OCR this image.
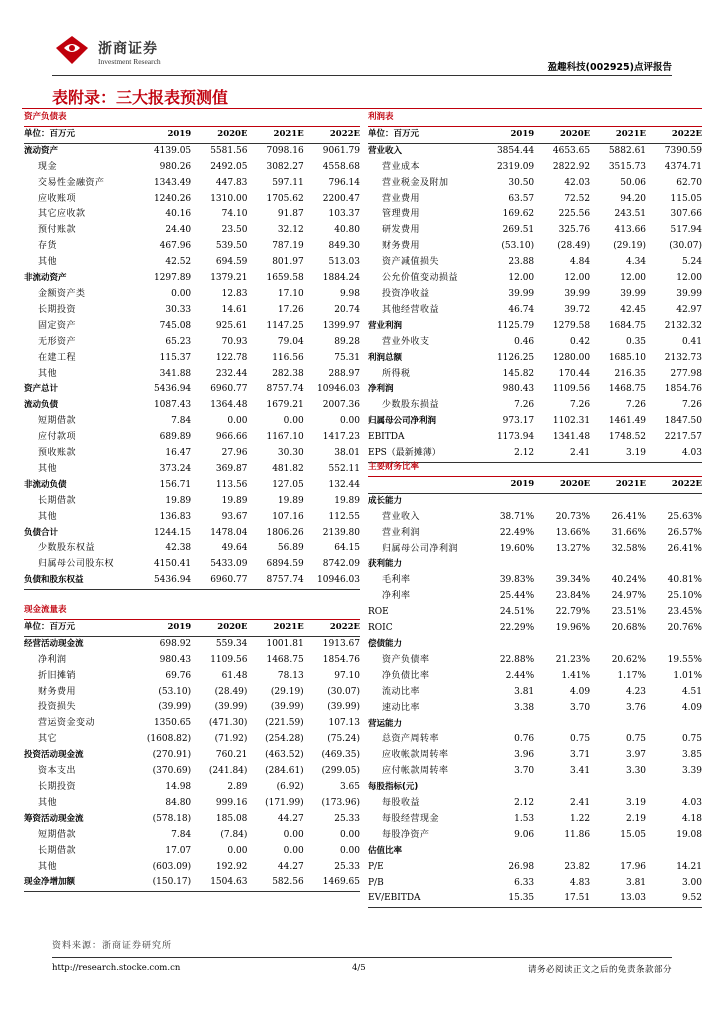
浙商证券
Investment Research
盈趣科技(002925)点评报告
表附录：三大报表预测值
资产负债表				
单位：百万元	2019	2020E	2021E	2022E
流动资产	4139.05	5581.56	7098.16	9061.79
现金	980.26	2492.05	3082.27	4558.68
交易性金融资产	1343.49	447.83	597.11	796.14
应收账项	1240.26	1310.00	1705.62	2200.47
其它应收款	40.16	74.10	91.87	103.37
预付账款	24.40	23.50	32.12	40.80
存货	467.96	539.50	787.19	849.30
其他	42.52	694.59	801.97	513.03
非流动资产	1297.89	1379.21	1659.58	1884.24
金额资产类	0.00	12.83	17.10	9.98
长期投资	30.33	14.61	17.26	20.74
固定资产	745.08	925.61	1147.25	1399.97
无形资产	65.23	70.93	79.04	89.28
在建工程	115.37	122.78	116.56	75.31
其他	341.88	232.44	282.38	288.97
资产总计	5436.94	6960.77	8757.74	10946.03
流动负债	1087.43	1364.48	1679.21	2007.36
短期借款	7.84	0.00	0.00	0.00
应付款项	689.89	966.66	1167.10	1417.23
预收账款	16.47	27.96	30.30	38.01
其他	373.24	369.87	481.82	552.11
非流动负债	156.71	113.56	127.05	132.44
长期借款	19.89	19.89	19.89	19.89
其他	136.83	93.67	107.16	112.55
负债合计	1244.15	1478.04	1806.26	2139.80
少数股东权益	42.38	49.64	56.89	64.15
归属母公司股东权	4150.41	5433.09	6894.59	8742.09
负债和股东权益	5436.94	6960.77	8757.74	10946.03
现金流量表				
单位：百万元	2019	2020E	2021E	2022E
经营活动现金流	698.92	559.34	1001.81	1913.67
净利润	980.43	1109.56	1468.75	1854.76
折旧摊销	69.76	61.48	78.13	97.10
财务费用	(53.10)	(28.49)	(29.19)	(30.07)
投资损失	(39.99)	(39.99)	(39.99)	(39.99)
营运资金变动	1350.65	(471.30)	(221.59)	107.13
其它	(1608.82)	(71.92)	(254.28)	(75.24)
投资活动现金流	(270.91)	760.21	(463.52)	(469.35)
资本支出	(370.69)	(241.84)	(284.61)	(299.05)
长期投资	14.98	2.89	(6.92)	3.65
其他	84.80	999.16	(171.99)	(173.96)
筹资活动现金流	(578.18)	185.08	44.27	25.33
短期借款	7.84	(7.84)	0.00	0.00
长期借款	17.07	0.00	0.00	0.00
其他	(603.09)	192.92	44.27	25.33
现金净增加额	(150.17)	1504.63	582.56	1469.65
利润表				
单位：百万元	2019	2020E	2021E	2022E
营业收入	3854.44	4653.65	5882.61	7390.59
营业成本	2319.09	2822.92	3515.73	4374.71
营业税金及附加	30.50	42.03	50.06	62.70
营业费用	63.57	72.52	94.20	115.05
管理费用	169.62	225.56	243.51	307.66
研发费用	269.51	325.76	413.66	517.94
财务费用	(53.10)	(28.49)	(29.19)	(30.07)
资产减值损失	23.88	4.84	4.34	5.24
公允价值变动损益	12.00	12.00	12.00	12.00
投资净收益	39.99	39.99	39.99	39.99
其他经营收益	46.74	39.72	42.45	42.97
营业利润	1125.79	1279.58	1684.75	2132.32
营业外收支	0.46	0.42	0.35	0.41
利润总额	1126.25	1280.00	1685.10	2132.73
所得税	145.82	170.44	216.35	277.98
净利润	980.43	1109.56	1468.75	1854.76
少数股东损益	7.26	7.26	7.26	7.26
归属母公司净利润	973.17	1102.31	1461.49	1847.50
EBITDA	1173.94	1341.48	1748.52	2217.57
EPS（最新摊薄）	2.12	2.41	3.19	4.03
主要财务比率				
	2019	2020E	2021E	2022E
成长能力				
营业收入	38.71%	20.73%	26.41%	25.63%
营业利润	22.49%	13.66%	31.66%	26.57%
归属母公司净利润	19.60%	13.27%	32.58%	26.41%
获利能力				
毛利率	39.83%	39.34%	40.24%	40.81%
净利率	25.44%	23.84%	24.97%	25.10%
ROE	24.51%	22.79%	23.51%	23.45%
ROIC	22.29%	19.96%	20.68%	20.76%
偿债能力				
资产负债率	22.88%	21.23%	20.62%	19.55%
净负债比率	2.44%	1.41%	1.17%	1.01%
流动比率	3.81	4.09	4.23	4.51
速动比率	3.38	3.70	3.76	4.09
营运能力				
总资产周转率	0.76	0.75	0.75	0.75
应收帐款周转率	3.96	3.71	3.97	3.85
应付帐款周转率	3.70	3.41	3.30	3.39
每股指标(元)				
每股收益	2.12	2.41	3.19	4.03
每股经营现金	1.53	1.22	2.19	4.18
每股净资产	9.06	11.86	15.05	19.08
估值比率				
P/E	26.98	23.82	17.96	14.21
P/B	6.33	4.83	3.81	3.00
EV/EBITDA	15.35	17.51	13.03	9.52
资料来源：浙商证券研究所
http://research.stocke.com.cn	4/5	请务必阅读正文之后的免责条款部分
